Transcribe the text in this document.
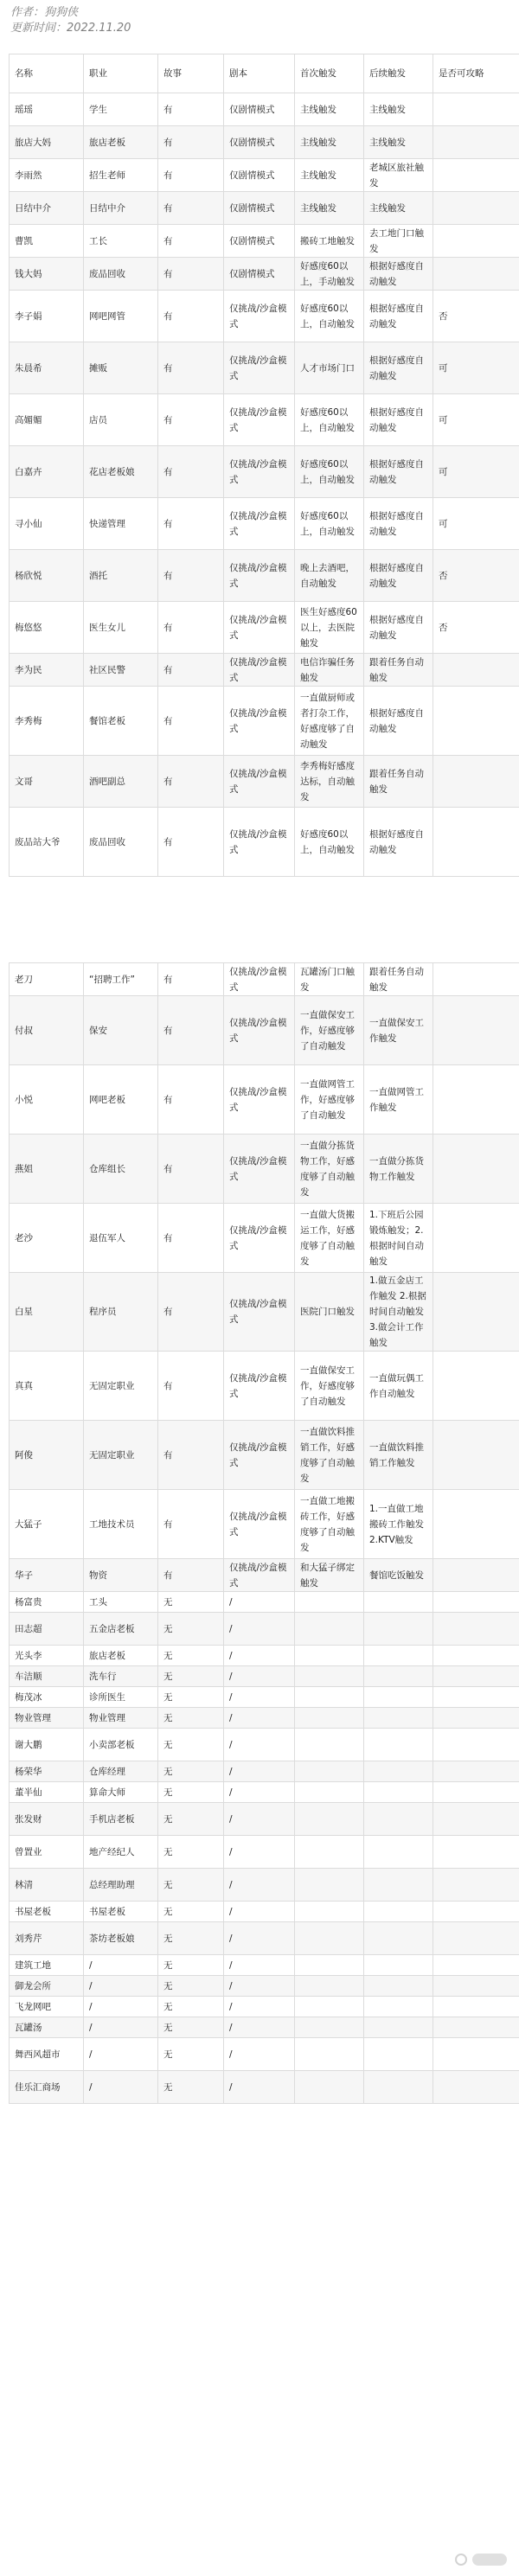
作者：狗狗侠
更新时间：2022.11.20
名称	职业	故事	剧本	首次触发	后续触发	是否可攻略
瑶瑶	学生	有	仅剧情模式	主线触发	主线触发	
旅店大妈	旅店老板	有	仅剧情模式	主线触发	主线触发	
李雨然	招生老师	有	仅剧情模式	主线触发	老城区旅社触发	
日结中介	日结中介	有	仅剧情模式	主线触发	主线触发	
曹凯	工长	有	仅剧情模式	搬砖工地触发	去工地门口触发	
钱大妈	废品回收	有	仅剧情模式	好感度60以上，手动触发	根据好感度自动触发	
李子娟	网吧网管	有	仅挑战/沙盒模式	好感度60以上，自动触发	根据好感度自动触发	否
朱晨希	摊贩	有	仅挑战/沙盒模式	人才市场门口	根据好感度自动触发	可
高媚媚	店员	有	仅挑战/沙盒模式	好感度60以上，自动触发	根据好感度自动触发	可
白嘉卉	花店老板娘	有	仅挑战/沙盒模式	好感度60以上，自动触发	根据好感度自动触发	可
寻小仙	快递管理	有	仅挑战/沙盒模式	好感度60以上，自动触发	根据好感度自动触发	可
杨欣悦	酒托	有	仅挑战/沙盒模式	晚上去酒吧，自动触发	根据好感度自动触发	否
梅悠悠	医生女儿	有	仅挑战/沙盒模式	医生好感度60以上，去医院触发	根据好感度自动触发	否
李为民	社区民警	有	仅挑战/沙盒模式	电信诈骗任务触发	跟着任务自动触发	
李秀梅	餐馆老板	有	仅挑战/沙盒模式	一直做厨师或者打杂工作，好感度够了自动触发	根据好感度自动触发	
文哥	酒吧副总	有	仅挑战/沙盒模式	李秀梅好感度达标，自动触发	跟着任务自动触发	
废品站大爷	废品回收	有	仅挑战/沙盒模式	好感度60以上，自动触发	根据好感度自动触发	

老刀	“招聘工作”	有	仅挑战/沙盒模式	瓦罐汤门口触发	跟着任务自动触发	
付叔	保安	有	仅挑战/沙盒模式	一直做保安工作，好感度够了自动触发	一直做保安工作触发	
小悦	网吧老板	有	仅挑战/沙盒模式	一直做网管工作，好感度够了自动触发	一直做网管工作触发	
燕姐	仓库组长	有	仅挑战/沙盒模式	一直做分拣货物工作，好感度够了自动触发	一直做分拣货物工作触发	
老沙	退伍军人	有	仅挑战/沙盒模式	一直做大货搬运工作，好感度够了自动触发	1.下班后公园锻炼触发；2.根据时间自动触发	
白星	程序员	有	仅挑战/沙盒模式	医院门口触发	1.做五金店工作触发 2.根据时间自动触发 3.做会计工作触发	
真真	无固定职业	有	仅挑战/沙盒模式	一直做保安工作，好感度够了自动触发	一直做玩偶工作自动触发	
阿俊	无固定职业	有	仅挑战/沙盒模式	一直做饮料推销工作，好感度够了自动触发	一直做饮料推销工作触发	
大猛子	工地技术员	有	仅挑战/沙盒模式	一直做工地搬砖工作，好感度够了自动触发	1.一直做工地搬砖工作触发 2.KTV触发	
华子	物资	有	仅挑战/沙盒模式	和大猛子绑定触发	餐馆吃饭触发	
杨富贵	工头	无	/			
田志超	五金店老板	无	/			
光头李	旅店老板	无	/			
车洁顺	洗车行	无	/			
梅茂冰	诊所医生	无	/			
物业管理	物业管理	无	/			
谢大鹏	小卖部老板	无	/			
杨荣华	仓库经理	无	/			
董半仙	算命大师	无	/			
张发财	手机店老板	无	/			
曾置业	地产经纪人	无	/			
林清	总经理助理	无	/			
书屋老板	书屋老板	无	/			
刘秀芹	茶坊老板娘	无	/			
建筑工地	/	无	/			
御龙会所	/	无	/			
飞龙网吧	/	无	/			
瓦罐汤	/	无	/			
舞西风超市	/	无	/			
佳乐汇商场	/	无	/			
